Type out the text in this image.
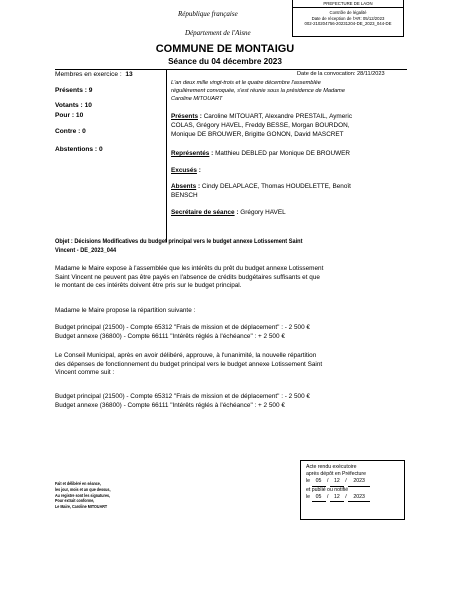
République française
Département de l'Aisne
PREFECTURE DE LAON
Contrôle de légalité
Date de réception de l'AR: 05/12/2023
002-210204756-20231204-DE_2023_044-DE
COMMUNE DE MONTAIGU
Séance du 04 décembre 2023
Membres en exercice : 13
Présents : 9
Votants : 10
Pour : 10
Contre : 0
Abstentions : 0
Date de la convocation: 28/11/2023
L'an deux mille vingt-trois et le quatre décembre l'assemblée
régulièrement convoquée, s'est réunie sous la présidence de Madame
Caroline MITOUART
Présents : Caroline MITOUART, Alexandre PRESTAIL, Aymeric
COLAS, Grégory HAVEL, Freddy BESSE, Morgan BOURDON,
Monique DE BROUWER, Brigitte GONON, David MASCRET
Représentés : Matthieu DEBLED par Monique DE BROUWER
Excusés :
Absents : Cindy DELAPLACE, Thomas HOUDELETTE, Benoît
BENSCH
Secrétaire de séance : Grégory HAVEL
Objet : Décisions Modificatives du budget principal vers le budget annexe Lotissement Saint
Vincent - DE_2023_044
Madame le Maire expose à l'assemblée que les intérêts du prêt du budget annexe Lotissement
Saint Vincent ne peuvent pas être payés en l'absence de crédits budgétaires suffisants et que
le montant de ces intérêts doivent être pris sur le budget principal.
Madame le Maire propose la répartition suivante :
Budget principal (21500) - Compte 65312 "Frais de mission et de déplacement" : - 2 500 €
Budget annexe (36800) - Compte 66111 "Intérêts réglés à l'échéance" : + 2 500 €
Le Conseil Municipal, après en avoir délibéré, approuve, à l'unanimité, la nouvelle répartition
des dépenses de fonctionnement du budget principal vers le budget annexe Lotissement Saint
Vincent comme suit :
Budget principal (21500) - Compte 65312 "Frais de mission et de déplacement" : - 2 500 €
Budget annexe (36800) - Compte 66111 "Intérêts réglés à l'échéance" : + 2 500 €
Fait et délibéré en séance,
les jour, mois et an que dessus,
Au registre sont les signatures,
Pour extrait conforme,
Le Maire, Caroline MITOUART
Acte rendu exécutoire
après dépôt en Préfecture
le 05 / 12 / 2023
et publié ou notifié
le 05 / 12 / 2023
